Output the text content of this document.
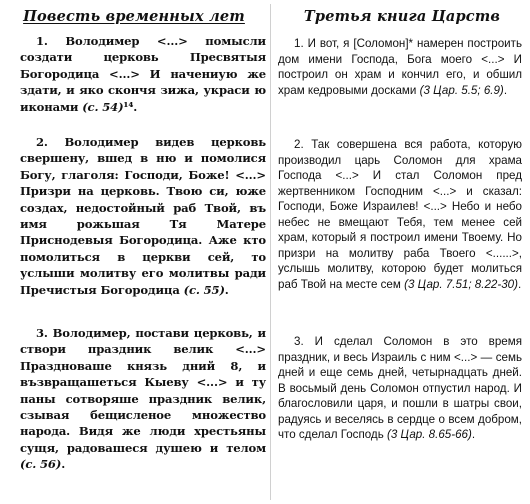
Повесть временных лет

1. Володимер <...> помысли создати церковь Пресвятыя Богородица <...> И начениую же здати, и яко скончя зижа, украси ю иконами (с. 54)¹⁴.

2. Володимер видев церковь свершену, вшед в ню и помолися Богу, глаголя: Господи, Боже! <...> Призри на церковь. Твою си, юже создах, недостойный раб Твой, въ имя рожьшая Тя Матере Приснодевыя Богородица. Аже кто помолиться в церкви сей, то услыши молитву его молитвы ради Пречистыя Богородица (с. 55).

3. Володимер, постави церковь, и створи праздник велик <...> Праздноваше князь дний 8, и възвращашеться Кыеву <...> и ту паны сотворяше праздник велик, сзывая бещисленое множество народа. Видя же люди хрестьяны сущя, радовашеся душею и телом (с. 56).

Третья книга Царств

1. И вот, я [Соломон]* намерен построить дом имени Господа, Бога моего <...> И построил он храм и кончил его, и обшил храм кедровыми досками (3 Цар. 5.5; 6.9).

2. Так совершена вся работа, которую производил царь Соломон для храма Господа <...> И стал Соломон пред жертвенником Господним <...> и сказал: Господи, Боже Израилев! <...> Небо и небо небес не вмещают Тебя, тем менее сей храм, который я построил имени Твоему. Но призри на молитву раба Твоего <......>, услышь молитву, которою будет молиться раб Твой на месте сем (3 Цар. 7.51; 8.22-30).

3. И сделал Соломон в это время праздник, и весь Израиль с ним <...> — семь дней и еще семь дней, четырнадцать дней. В восьмый день Соломон отпустил народ. И благословили царя, и пошли в шатры свои, радуясь и веселясь в сердце о всем добром, что сделал Господь (3 Цар. 8.65-66).
